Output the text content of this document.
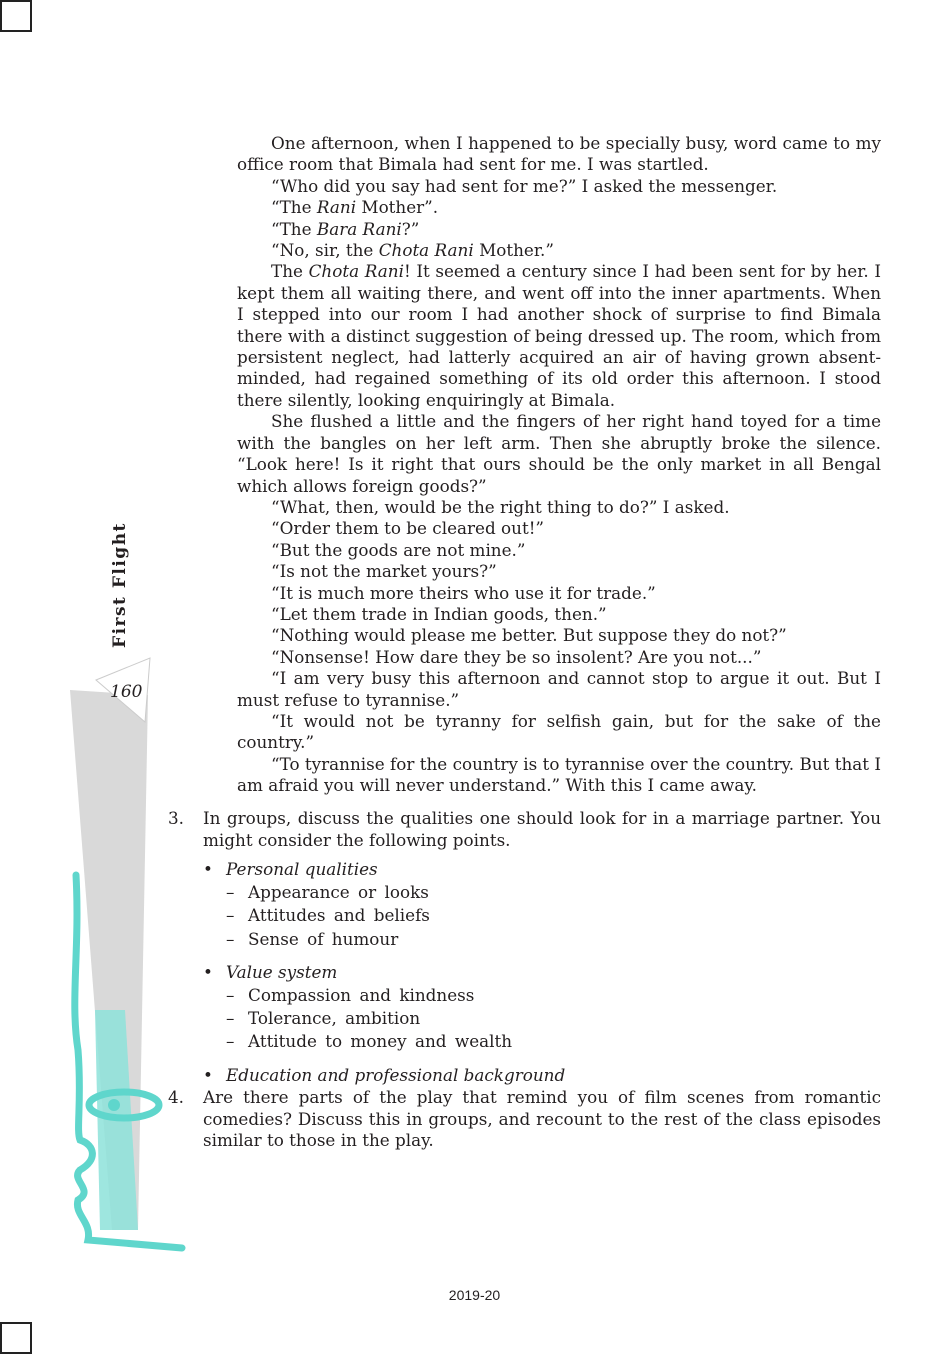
First Flight
160

One afternoon, when I happened to be specially busy, word came to my office room that Bimala had sent for me. I was startled.

“Who did you say had sent for me?” I asked the messenger.

“The Rani Mother”.

“The Bara Rani?”

“No, sir, the Chota Rani Mother.”

The Chota Rani! It seemed a century since I had been sent for by her. I kept them all waiting there, and went off into the inner apartments. When I stepped into our room I had another shock of surprise to find Bimala there with a distinct suggestion of being dressed up. The room, which from persistent neglect, had latterly acquired an air of having grown absent-minded, had regained something of its old order this afternoon. I stood there silently, looking enquiringly at Bimala.

She flushed a little and the fingers of her right hand toyed for a time with the bangles on her left arm. Then she abruptly broke the silence. “Look here! Is it right that ours should be the only market in all Bengal which allows foreign goods?”

“What, then, would be the right thing to do?” I asked.

“Order them to be cleared out!”

“But the goods are not mine.”

“Is not the market yours?”

“It is much more theirs who use it for trade.”

“Let them trade in Indian goods, then.”

“Nothing would please me better. But suppose they do not?”

“Nonsense! How dare they be so insolent? Are you not...”

“I am very busy this afternoon and cannot stop to argue it out. But I must refuse to tyrannise.”

“It would not be tyranny for selfish gain, but for the sake of the country.”

“To tyrannise for the country is to tyrannise over the country. But that I am afraid you will never understand.” With this I came away.

3. In groups, discuss the qualities one should look for in a marriage partner. You might consider the following points.
• Personal qualities
– Appearance or looks
– Attitudes and beliefs
– Sense of humour
• Value system
– Compassion and kindness
– Tolerance, ambition
– Attitude to money and wealth
• Education and professional background
4. Are there parts of the play that remind you of film scenes from romantic comedies? Discuss this in groups, and recount to the rest of the class episodes similar to those in the play.
2019-20
